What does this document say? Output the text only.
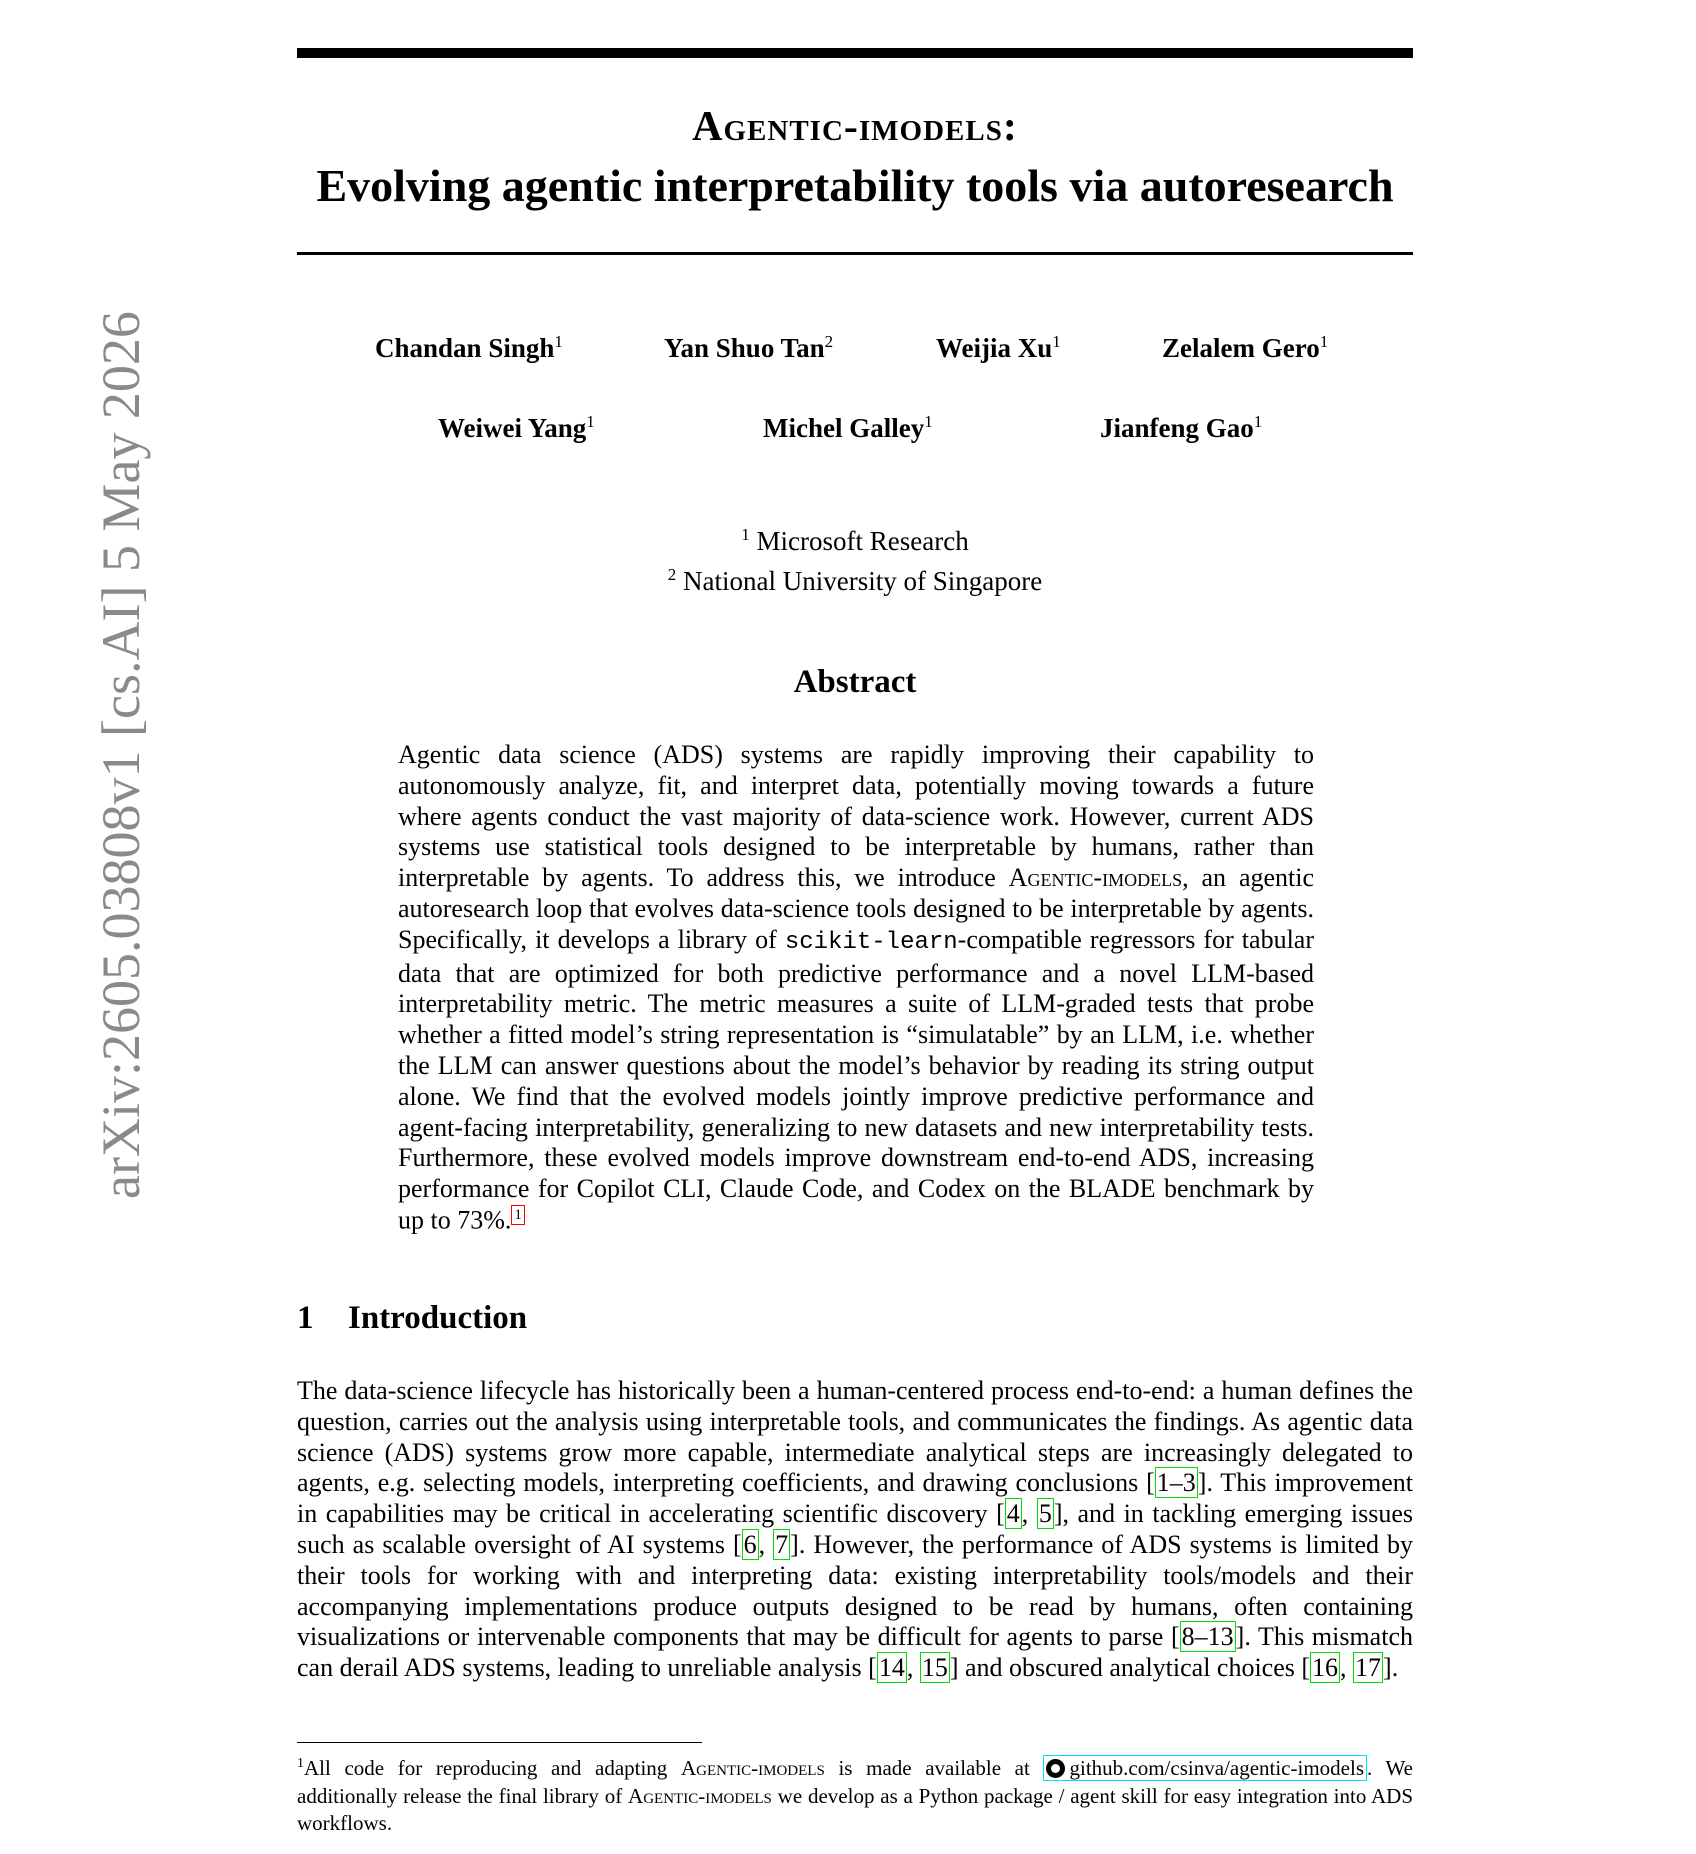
arXiv:2605.03808v1 [cs.AI] 5 May 2026
Agentic-imodels:
Evolving agentic interpretability tools via autoresearch
Chandan Singh$^1$	Yan Shuo Tan$^2$	Weijia Xu$^1$	Zelalem Gero$^1$
Weiwei Yang$^1$	Michel Galley$^1$	Jianfeng Gao$^1$
$^1$ Microsoft Research
$^2$ National University of Singapore
Abstract
Agentic data science (ADS) systems are rapidly improving their capability to autonomously analyze, fit, and interpret data, potentially moving towards a future where agents conduct the vast majority of data-science work. However, current ADS systems use statistical tools designed to be interpretable by humans, rather than interpretable by agents. To address this, we introduce Agentic-imodels, an agentic autoresearch loop that evolves data-science tools designed to be interpretable by agents. Specifically, it develops a library of scikit-learn-compatible regressors for tabular data that are optimized for both predictive performance and a novel LLM-based interpretability metric. The metric measures a suite of LLM-graded tests that probe whether a fitted model’s string representation is “simulatable” by an LLM, i.e. whether the LLM can answer questions about the model’s behavior by reading its string output alone. We find that the evolved models jointly improve predictive performance and agent-facing interpretability, generalizing to new datasets and new interpretability tests. Furthermore, these evolved models improve downstream end-to-end ADS, increasing performance for Copilot CLI, Claude Code, and Codex on the BLADE benchmark by up to 73%. 1
1 Introduction
The data-science lifecycle has historically been a human-centered process end-to-end: a human defines the question, carries out the analysis using interpretable tools, and communicates the findings. As agentic data science (ADS) systems grow more capable, intermediate analytical steps are increasingly delegated to agents, e.g. selecting models, interpreting coefficients, and drawing conclusions [1–3]. This improvement in capabilities may be critical in accelerating scientific discovery [4, 5], and in tackling emerging issues such as scalable oversight of AI systems [6, 7]. However, the performance of ADS systems is limited by their tools for working with and interpreting data: existing interpretability tools/models and their accompanying implementations produce outputs designed to be read by humans, often containing visualizations or intervenable components that may be difficult for agents to parse [8–13]. This mismatch can derail ADS systems, leading to unreliable analysis [14, 15] and obscured analytical choices [16, 17].
$^1$All code for reproducing and adapting Agentic-imodels is made available at github.com/csinva/agentic-imodels . We additionally release the final library of Agentic-imodels we develop as a Python package / agent skill for easy integration into ADS workflows.
